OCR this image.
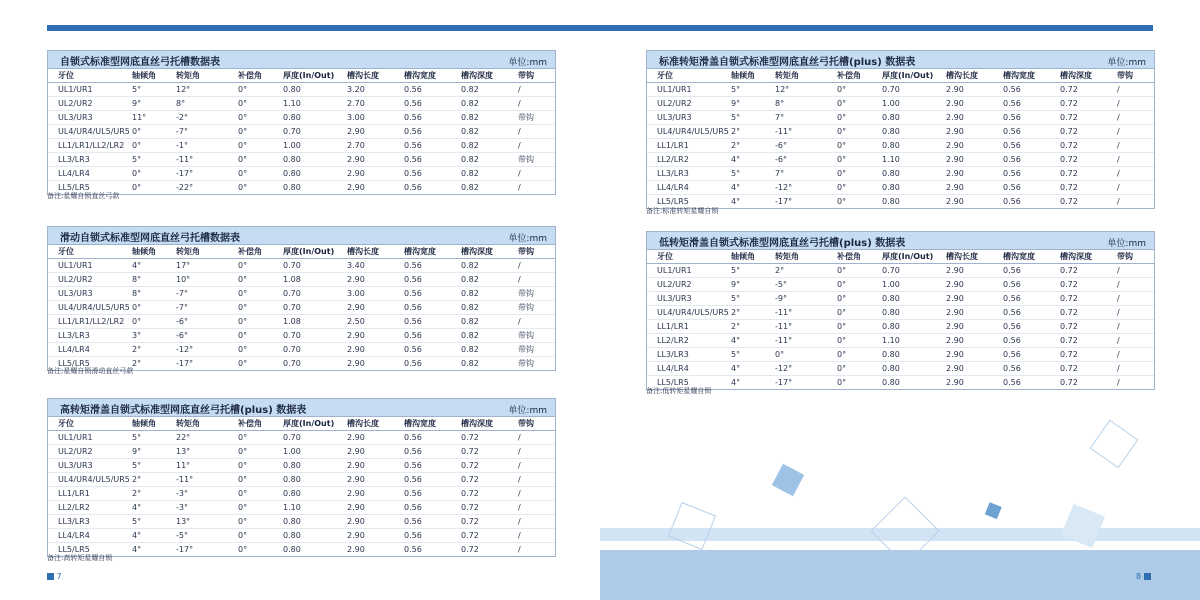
自锁式标准型网底直丝弓托槽数据表	单位:mm
牙位	轴倾角	转矩角	补偿角	厚度(In/Out)	槽沟长度	槽沟宽度	槽沟深度	带钩
UL1/UR1	5°	12°	0°	0.80	3.20	0.56	0.82	/
UL2/UR2	9°	8°	0°	1.10	2.70	0.56	0.82	/
UL3/UR3	11°	-2°	0°	0.80	3.00	0.56	0.82	带钩
UL4/UR4/UL5/UR5	0°	-7°	0°	0.70	2.90	0.56	0.82	/
LL1/LR1/LL2/LR2	0°	-1°	0°	1.00	2.70	0.56	0.82	/
LL3/LR3	5°	-11°	0°	0.80	2.90	0.56	0.82	带钩
LL4/LR4	0°	-17°	0°	0.80	2.90	0.56	0.82	/
LL5/LR5	0°	-22°	0°	0.80	2.90	0.56	0.82	/
备注:星耀自锁直丝弓款
滑动自锁式标准型网底直丝弓托槽数据表	单位:mm
牙位	轴倾角	转矩角	补偿角	厚度(In/Out)	槽沟长度	槽沟宽度	槽沟深度	带钩
UL1/UR1	4°	17°	0°	0.70	3.40	0.56	0.82	/
UL2/UR2	8°	10°	0°	1.08	2.90	0.56	0.82	/
UL3/UR3	8°	-7°	0°	0.70	3.00	0.56	0.82	带钩
UL4/UR4/UL5/UR5	0°	-7°	0°	0.70	2.90	0.56	0.82	带钩
LL1/LR1/LL2/LR2	0°	-6°	0°	1.08	2.50	0.56	0.82	/
LL3/LR3	3°	-6°	0°	0.70	2.90	0.56	0.82	带钩
LL4/LR4	2°	-12°	0°	0.70	2.90	0.56	0.82	带钩
LL5/LR5	2°	-17°	0°	0.70	2.90	0.56	0.82	带钩
备注:星耀自锁滑动直丝弓款
高转矩滑盖自锁式标准型网底直丝弓托槽(plus) 数据表	单位:mm
牙位	轴倾角	转矩角	补偿角	厚度(In/Out)	槽沟长度	槽沟宽度	槽沟深度	带钩
UL1/UR1	5°	22°	0°	0.70	2.90	0.56	0.72	/
UL2/UR2	9°	13°	0°	1.00	2.90	0.56	0.72	/
UL3/UR3	5°	11°	0°	0.80	2.90	0.56	0.72	/
UL4/UR4/UL5/UR5	2°	-11°	0°	0.80	2.90	0.56	0.72	/
LL1/LR1	2°	-3°	0°	0.80	2.90	0.56	0.72	/
LL2/LR2	4°	-3°	0°	1.10	2.90	0.56	0.72	/
LL3/LR3	5°	13°	0°	0.80	2.90	0.56	0.72	/
LL4/LR4	4°	-5°	0°	0.80	2.90	0.56	0.72	/
LL5/LR5	4°	-17°	0°	0.80	2.90	0.56	0.72	/
备注:高转矩星耀自锁
标准转矩滑盖自锁式标准型网底直丝弓托槽(plus) 数据表	单位:mm
牙位	轴倾角	转矩角	补偿角	厚度(In/Out)	槽沟长度	槽沟宽度	槽沟深度	带钩
UL1/UR1	5°	12°	0°	0.70	2.90	0.56	0.72	/
UL2/UR2	9°	8°	0°	1.00	2.90	0.56	0.72	/
UL3/UR3	5°	7°	0°	0.80	2.90	0.56	0.72	/
UL4/UR4/UL5/UR5	2°	-11°	0°	0.80	2.90	0.56	0.72	/
LL1/LR1	2°	-6°	0°	0.80	2.90	0.56	0.72	/
LL2/LR2	4°	-6°	0°	1.10	2.90	0.56	0.72	/
LL3/LR3	5°	7°	0°	0.80	2.90	0.56	0.72	/
LL4/LR4	4°	-12°	0°	0.80	2.90	0.56	0.72	/
LL5/LR5	4°	-17°	0°	0.80	2.90	0.56	0.72	/
备注:标准转矩星耀自锁
低转矩滑盖自锁式标准型网底直丝弓托槽(plus) 数据表	单位:mm
牙位	轴倾角	转矩角	补偿角	厚度(In/Out)	槽沟长度	槽沟宽度	槽沟深度	带钩
UL1/UR1	5°	2°	0°	0.70	2.90	0.56	0.72	/
UL2/UR2	9°	-5°	0°	1.00	2.90	0.56	0.72	/
UL3/UR3	5°	-9°	0°	0.80	2.90	0.56	0.72	/
UL4/UR4/UL5/UR5	2°	-11°	0°	0.80	2.90	0.56	0.72	/
LL1/LR1	2°	-11°	0°	0.80	2.90	0.56	0.72	/
LL2/LR2	4°	-11°	0°	1.10	2.90	0.56	0.72	/
LL3/LR3	5°	0°	0°	0.80	2.90	0.56	0.72	/
LL4/LR4	4°	-12°	0°	0.80	2.90	0.56	0.72	/
LL5/LR5	4°	-17°	0°	0.80	2.90	0.56	0.72	/
备注:低转矩星耀自锁
7	8
